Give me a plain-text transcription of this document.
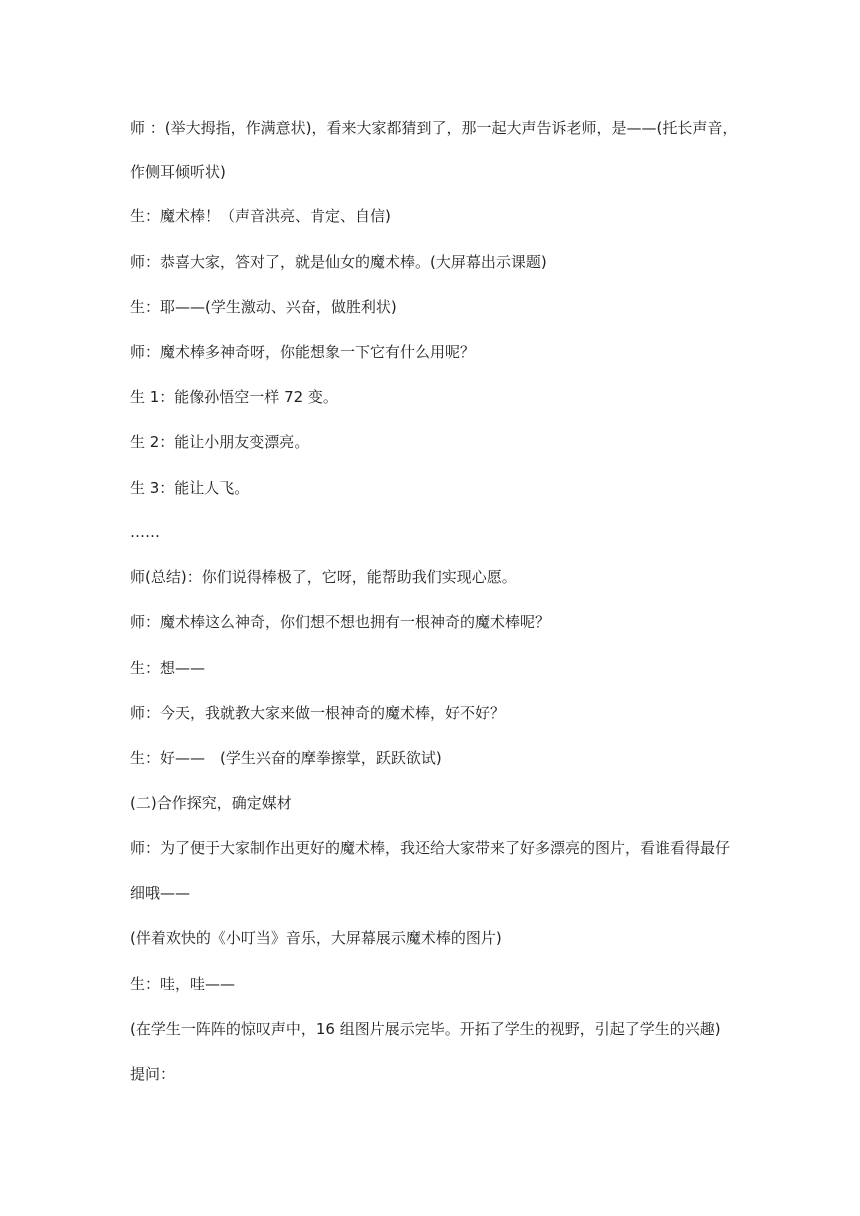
师 ：(举大拇指，作满意状)，看来大家都猜到了，那一起大声告诉老师，是——(托长声音，
作侧耳倾听状)
生：魔术棒！（声音洪亮、肯定、自信)
师：恭喜大家，答对了，就是仙女的魔术棒。(大屏幕出示课题)
生：耶——(学生激动、兴奋，做胜利状)
师：魔术棒多神奇呀，你能想象一下它有什么用呢？
生 1：能像孙悟空一样 72 变。
生 2：能让小朋友变漂亮。
生 3：能让人飞。
……
师(总结)：你们说得棒极了，它呀，能帮助我们实现心愿。
师：魔术棒这么神奇，你们想不想也拥有一根神奇的魔术棒呢？
生：想——
师：今天，我就教大家来做一根神奇的魔术棒，好不好？
生：好——　(学生兴奋的摩拳擦掌，跃跃欲试)
(二)合作探究，确定媒材
师：为了便于大家制作出更好的魔术棒，我还给大家带来了好多漂亮的图片，看谁看得最仔
细哦——
(伴着欢快的《小叮当》音乐，大屏幕展示魔术棒的图片)
生：哇，哇——
(在学生一阵阵的惊叹声中，16 组图片展示完毕。开拓了学生的视野，引起了学生的兴趣)
提问：
